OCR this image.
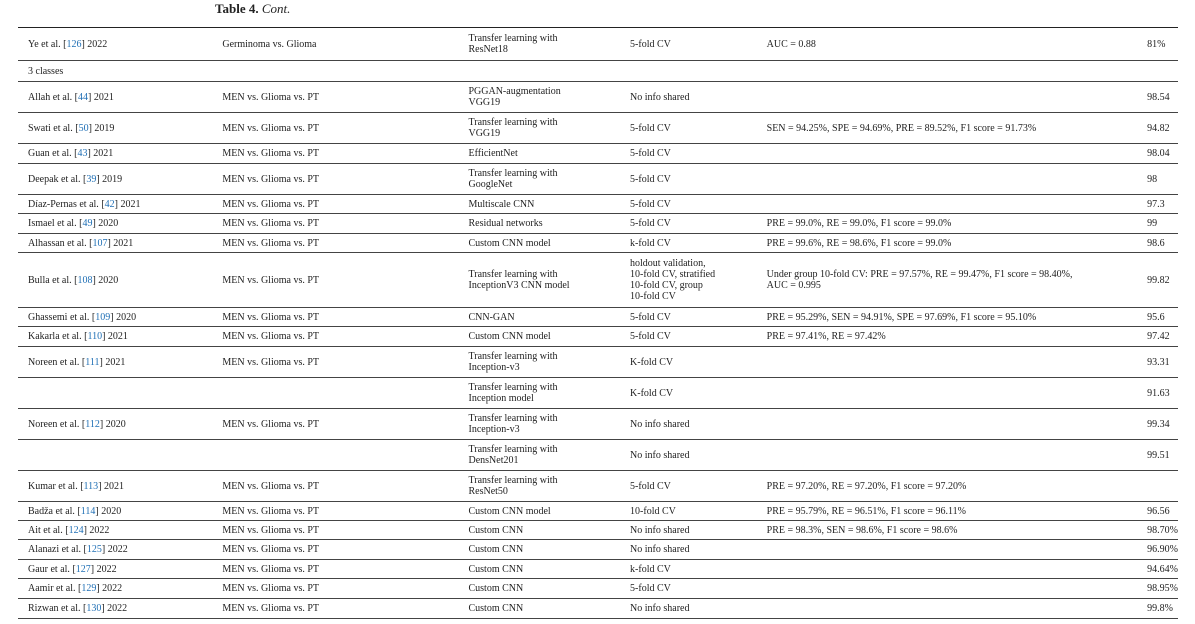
Table 4. Cont.
Ye et al. [126] 2022	Germinoma vs. Glioma	Transfer learning with
ResNet18	5-fold CV	AUC = 0.88	81%
3 classes					
Allah et al. [44] 2021	MEN vs. Glioma vs. PT	PGGAN-augmentation
VGG19	No info shared		98.54
Swati et al. [50] 2019	MEN vs. Glioma vs. PT	Transfer learning with
VGG19	5-fold CV	SEN = 94.25%, SPE = 94.69%, PRE = 89.52%, F1 score = 91.73%	94.82
Guan et al. [43] 2021	MEN vs. Glioma vs. PT	EfficientNet	5-fold CV		98.04
Deepak et al. [39] 2019	MEN vs. Glioma vs. PT	Transfer learning with
GoogleNet	5-fold CV		98
Díaz-Pernas et al. [42] 2021	MEN vs. Glioma vs. PT	Multiscale CNN	5-fold CV		97.3
Ismael et al. [49] 2020	MEN vs. Glioma vs. PT	Residual networks	5-fold CV	PRE = 99.0%, RE = 99.0%, F1 score = 99.0%	99
Alhassan et al. [107] 2021	MEN vs. Glioma vs. PT	Custom CNN model	k-fold CV	PRE = 99.6%, RE = 98.6%, F1 score = 99.0%	98.6
Bulla et al. [108] 2020	MEN vs. Glioma vs. PT	Transfer learning with
InceptionV3 CNN model	holdout validation,
10-fold CV, stratified
10-fold CV, group
10-fold CV	Under group 10-fold CV: PRE = 97.57%, RE = 99.47%, F1 score = 98.40%,
AUC = 0.995	99.82
Ghassemi et al. [109] 2020	MEN vs. Glioma vs. PT	CNN-GAN	5-fold CV	PRE = 95.29%, SEN = 94.91%, SPE = 97.69%, F1 score = 95.10%	95.6
Kakarla et al. [110] 2021	MEN vs. Glioma vs. PT	Custom CNN model	5-fold CV	PRE = 97.41%, RE = 97.42%	97.42
Noreen et al. [111] 2021	MEN vs. Glioma vs. PT	Transfer learning with
Inception-v3	K-fold CV		93.31
		Transfer learning with
Inception model	K-fold CV		91.63
Noreen et al. [112] 2020	MEN vs. Glioma vs. PT	Transfer learning with
Inception-v3	No info shared		99.34
		Transfer learning with
DensNet201	No info shared		99.51
Kumar et al. [113] 2021	MEN vs. Glioma vs. PT	Transfer learning with
ResNet50	5-fold CV	PRE = 97.20%, RE = 97.20%, F1 score = 97.20%	
Badža et al. [114] 2020	MEN vs. Glioma vs. PT	Custom CNN model	10-fold CV	PRE = 95.79%, RE = 96.51%, F1 score = 96.11%	96.56
Ait et al. [124] 2022	MEN vs. Glioma vs. PT	Custom CNN	No info shared	PRE = 98.3%, SEN = 98.6%, F1 score = 98.6%	98.70%
Alanazi et al. [125] 2022	MEN vs. Glioma vs. PT	Custom CNN	No info shared		96.90%
Gaur et al. [127] 2022	MEN vs. Glioma vs. PT	Custom CNN	k-fold CV		94.64%
Aamir et al. [129] 2022	MEN vs. Glioma vs. PT	Custom CNN	5-fold CV		98.95%
Rizwan et al. [130] 2022	MEN vs. Glioma vs. PT	Custom CNN	No info shared		99.8%
